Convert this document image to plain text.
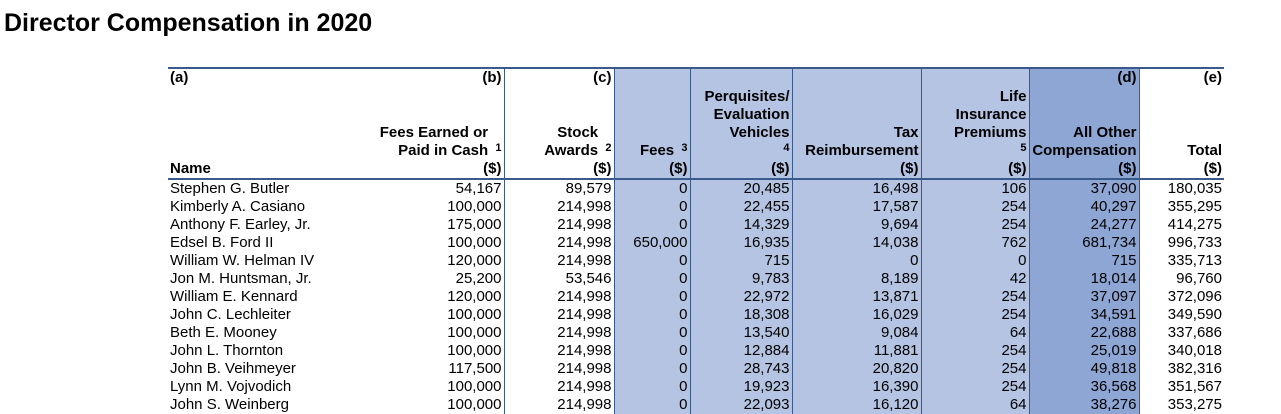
Director Compensation in 2020
(a)	(b)	(c)					(d)	(e)
	Fees Earned or Paid in Cash  $^1$	Stock Awards  $^2$	Fees  $^3$	Perquisites/ Evaluation Vehicles  $^4$	Tax Reimbursement	Life Insurance Premiums  $^5$	All Other Compensation	Total
Name	($)	($)	($)	($)	($)	($)	($)	($)
Stephen G. Butler	54,167	89,579	0	20,485	16,498	106	37,090	180,035
Kimberly A. Casiano	100,000	214,998	0	22,455	17,587	254	40,297	355,295
Anthony F. Earley, Jr.	175,000	214,998	0	14,329	9,694	254	24,277	414,275
Edsel B. Ford II	100,000	214,998	650,000	16,935	14,038	762	681,734	996,733
William W. Helman IV	120,000	214,998	0	715	0	0	715	335,713
Jon M. Huntsman, Jr.	25,200	53,546	0	9,783	8,189	42	18,014	96,760
William E. Kennard	120,000	214,998	0	22,972	13,871	254	37,097	372,096
John C. Lechleiter	100,000	214,998	0	18,308	16,029	254	34,591	349,590
Beth E. Mooney	100,000	214,998	0	13,540	9,084	64	22,688	337,686
John L. Thornton	100,000	214,998	0	12,884	11,881	254	25,019	340,018
John B. Veihmeyer	117,500	214,998	0	28,743	20,820	254	49,818	382,316
Lynn M. Vojvodich	100,000	214,998	0	19,923	16,390	254	36,568	351,567
John S. Weinberg	100,000	214,998	0	22,093	16,120	64	38,276	353,275
